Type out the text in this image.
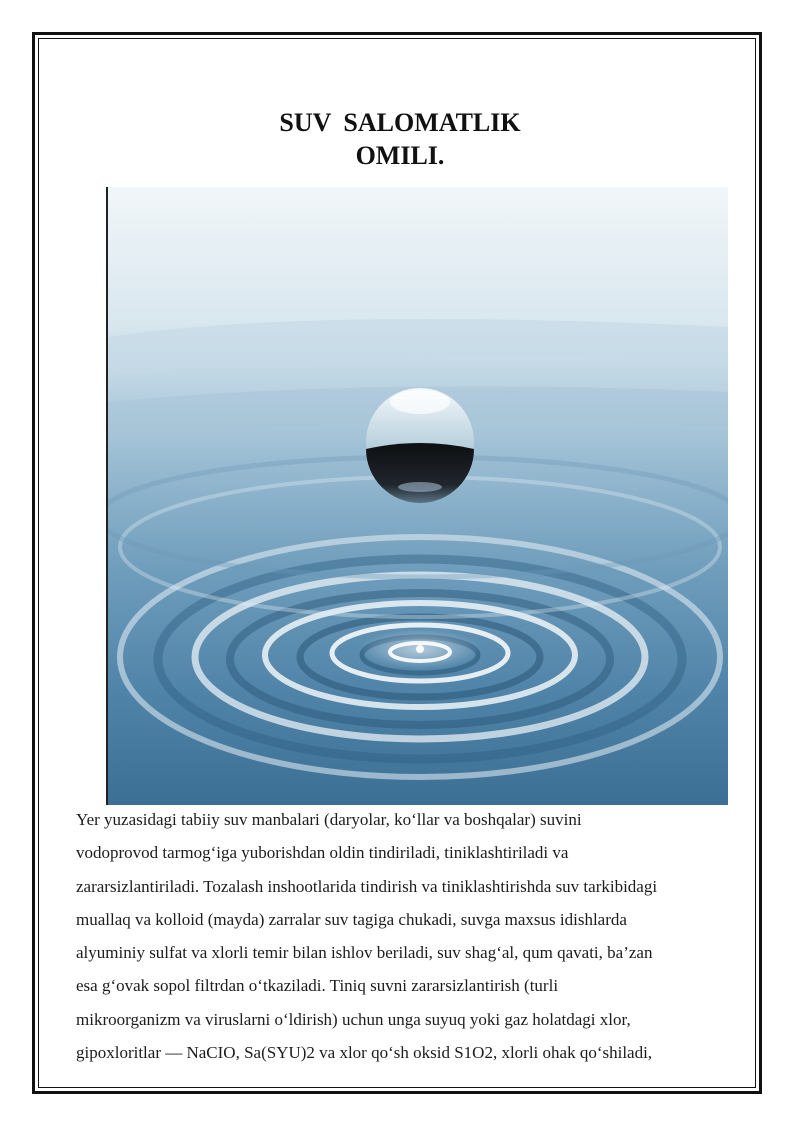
SUV SALOMATLIK
OMILI.
Yer yuzasidagi tabiiy suv manbalari (daryolar, ko‘llar va boshqalar) suvini
vodoprovod tarmog‘iga yuborishdan oldin tindiriladi, tiniklashtiriladi va
zararsizlantiriladi. Tozalash inshootlarida tindirish va tiniklashtirishda suv tarkibidagi
muallaq va kolloid (mayda) zarralar suv tagiga chukadi, suvga maxsus idishlarda
alyuminiy sulfat va xlorli temir bilan ishlov beriladi, suv shag‘al, qum qavati, ba’zan
esa g‘ovak sopol filtrdan o‘tkaziladi. Tiniq suvni zararsizlantirish (turli
mikroorganizm va viruslarni o‘ldirish) uchun unga suyuq yoki gaz holatdagi xlor,
gipoxloritlar — NaCIO, Sa(SYU)2 va xlor qo‘sh oksid S1O2, xlorli ohak qo‘shiladi,
